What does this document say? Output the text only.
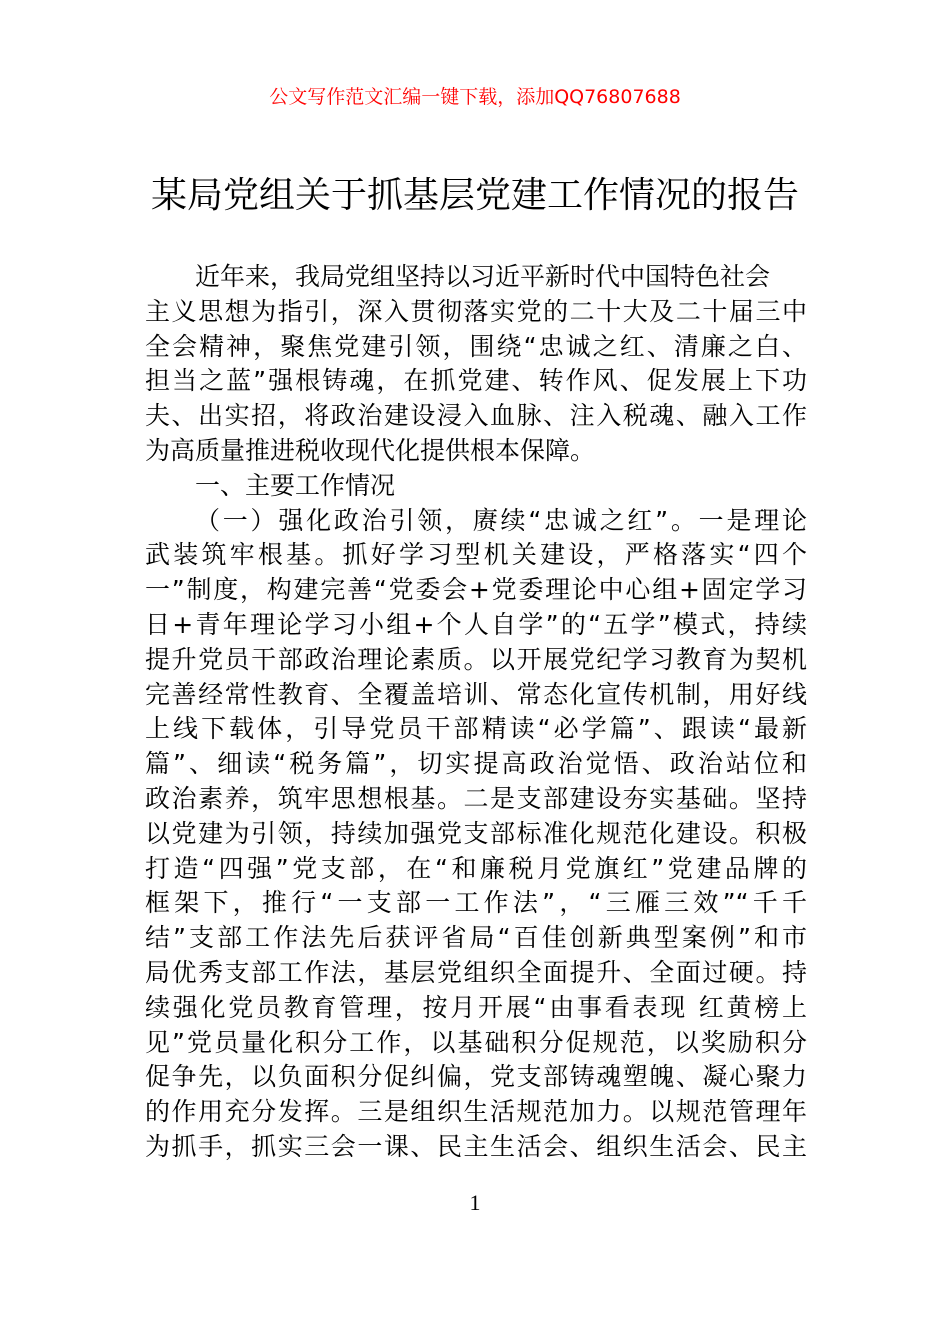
公文写作范文汇编一键下载，添加QQ76807688
某局党组关于抓基层党建工作情况的报告
近年来，我局党组坚持以习近平新时代中国特色社会
主义思想为指引，深入贯彻落实党的二十大及二十届三中
全会精神，聚焦党建引领，围绕“忠诚之红、清廉之白、
担当之蓝”强根铸魂，在抓党建、转作风、促发展上下功
夫、出实招，将政治建设浸入血脉、注入税魂、融入工作
为高质量推进税收现代化提供根本保障。
一、主要工作情况
（一）强化政治引领，赓续“忠诚之红”。一是理论
武装筑牢根基。抓好学习型机关建设，严格落实“四个
一”制度，构建完善“党委会+党委理论中心组+固定学习
日+青年理论学习小组+个人自学”的“五学”模式，持续
提升党员干部政治理论素质。以开展党纪学习教育为契机
完善经常性教育、全覆盖培训、常态化宣传机制，用好线
上线下载体，引导党员干部精读“必学篇”、跟读“最新
篇”、细读“税务篇”，切实提高政治觉悟、政治站位和
政治素养，筑牢思想根基。二是支部建设夯实基础。坚持
以党建为引领，持续加强党支部标准化规范化建设。积极
打造“四强”党支部，在“和廉税月党旗红”党建品牌的
框架下，推行“一支部一工作法”，“三雁三效”“千千
结”支部工作法先后获评省局“百佳创新典型案例”和市
局优秀支部工作法，基层党组织全面提升、全面过硬。持
续强化党员教育管理，按月开展“由事看表现 红黄榜上
见”党员量化积分工作，以基础积分促规范，以奖励积分
促争先，以负面积分促纠偏，党支部铸魂塑魄、凝心聚力
的作用充分发挥。三是组织生活规范加力。以规范管理年
为抓手，抓实三会一课、民主生活会、组织生活会、民主
1
